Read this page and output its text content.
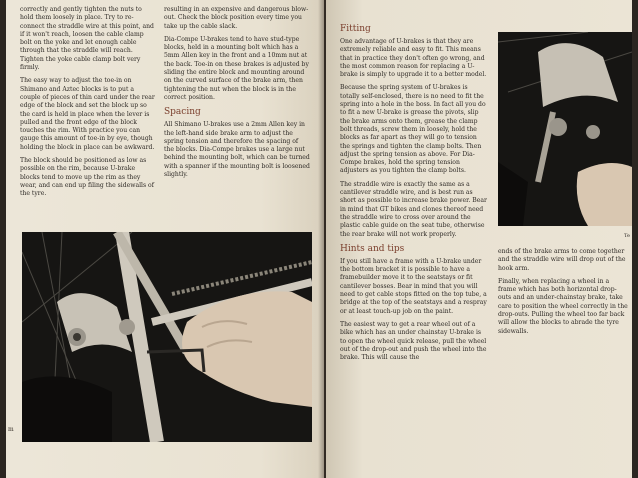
correctly and gently tighten the nuts to hold them loosely in place. Try to re-connect the straddle wire at this point, and if it won't reach, loosen the cable clamp bolt on the yoke and let enough cable through that the straddle will reach. Tighten the yoke cable clamp bolt very firmly.

The easy way to adjust the toe-in on Shimano and Aztec blocks is to put a couple of pieces of thin card under the rear edge of the block and set the block up so the card is held in place when the lever is pulled and the front edge of the block touches the rim. With practice you can gauge this amount of toe-in by eye, though holding the block in place can be awkward.

The block should be positioned as low as possible on the rim, because U-brake blocks tend to move up the rim as they wear, and can end up filing the sidewalls of the tyre.

resulting in an expensive and dangerous blow-out. Check the block position every time you take up the cable slack.

Dia-Compe U-brakes tend to have stud-type blocks, held in a mounting bolt which has a 5mm Allen key in the front and a 10mm nut at the back. Toe-in on these brakes is adjusted by sliding the entire block and mounting around on the curved surface of the brake arm, then tightening the nut when the block is in the correct position.

Spacing

All Shimano U-brakes use a 2mm Allen key in the left-hand side brake arm to adjust the spring tension and therefore the spacing of the blocks. Dia-Compe brakes use a large nut behind the mounting bolt, which can be turned with a spanner if the mounting bolt is loosened slightly.

m
Fitting

One advantage of U-brakes is that they are extremely reliable and easy to fit. This means that in practice they don't often go wrong, and the most common reason for replacing a U-brake is simply to upgrade it to a better model.

Because the spring system of U-brakes is totally self-enclosed, there is no need to fit the spring into a hole in the boss. In fact all you do to fit a new U-brake is grease the pivots, slip the brake arms onto them, grease the clamp bolt threads, screw them in loosely, hold the blocks as far apart as they will go to tension the springs and tighten the clamp bolts. Then adjust the spring tension as above. For Dia-Compe brakes, hold the spring tension adjusters as you tighten the clamp bolts.

The straddle wire is exactly the same as a cantilever straddle wire, and is best run as short as possible to increase brake power. Bear in mind that GT bikes and clones thereof need the straddle wire to cross over around the plastic cable guide on the seat tube, otherwise the rear brake will not work properly.

Hints and tips

If you still have a frame with a U-brake under the bottom bracket it is possible to have a framebuilder move it to the seatstays or fit cantilever bosses. Bear in mind that you will need to get cable stops fitted on the top tube, a bridge at the top of the seatstays and a respray or at least touch-up job on the paint.

The easiest way to get a rear wheel out of a bike which has an under chainstay U-brake is to open the wheel quick release, pull the wheel out of the drop-out and push the wheel into the brake. This will cause the

Te

ends of the brake arms to come together and the straddle wire will drop out of the hook arm.

Finally, when replacing a wheel in a frame which has both horizontal drop-outs and an under-chainstay brake, take care to position the wheel correctly in the drop-outs. Pulling the wheel too far back will allow the blocks to abrade the tyre sidewalls.
